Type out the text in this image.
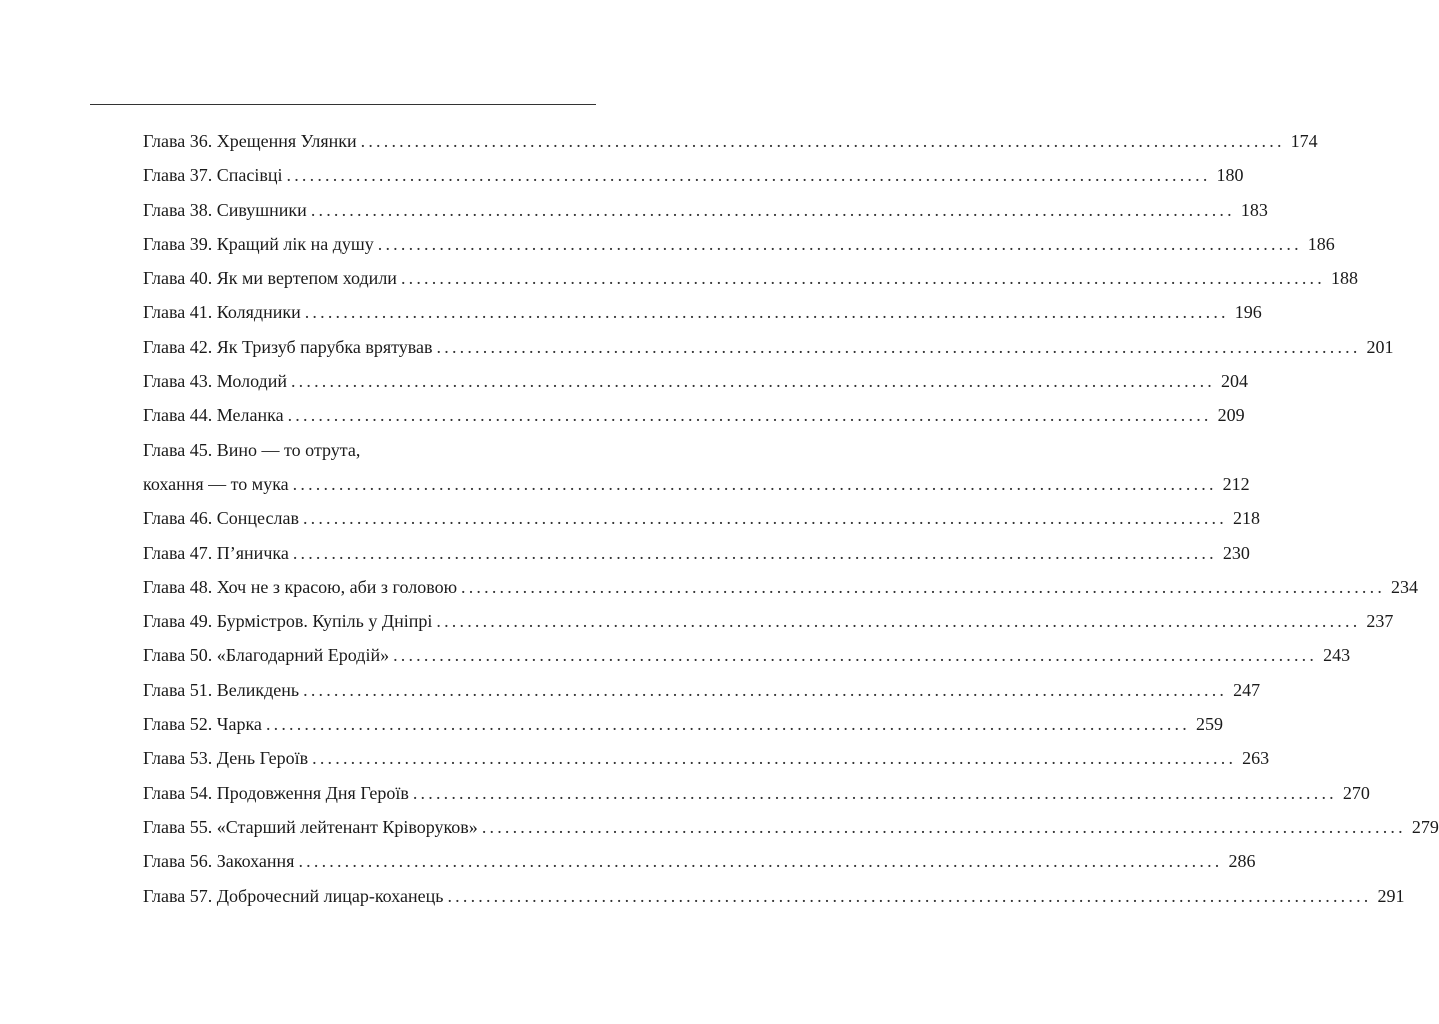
Глава 36. Хрещення Улянки ........................................................................................................................ 174
Глава 37. Спасівці ........................................................................................................................ 180
Глава 38. Сивушники ........................................................................................................................ 183
Глава 39. Кращий лік на душу ........................................................................................................................ 186
Глава 40. Як ми вертепом ходили ........................................................................................................................ 188
Глава 41. Колядники ........................................................................................................................ 196
Глава 42. Як Тризуб парубка врятував ........................................................................................................................ 201
Глава 43. Молодий ........................................................................................................................ 204
Глава 44. Меланка ........................................................................................................................ 209
Глава 45. Вино — то отрута,
кохання — то мука ........................................................................................................................ 212
Глава 46. Сонцеслав ........................................................................................................................ 218
Глава 47. П’яничка ........................................................................................................................ 230
Глава 48. Хоч не з красою, аби з головою ........................................................................................................................ 234
Глава 49. Бурмістров. Купіль у Дніпрі ........................................................................................................................ 237
Глава 50. «Благодарний Еродій» ........................................................................................................................ 243
Глава 51. Великдень ........................................................................................................................ 247
Глава 52. Чарка ........................................................................................................................ 259
Глава 53. День Героїв ........................................................................................................................ 263
Глава 54. Продовження Дня Героїв ........................................................................................................................ 270
Глава 55. «Старший лейтенант Кріворуков» ........................................................................................................................ 279
Глава 56. Закохання ........................................................................................................................ 286
Глава 57. Доброчесний лицар-коханець ........................................................................................................................ 291
